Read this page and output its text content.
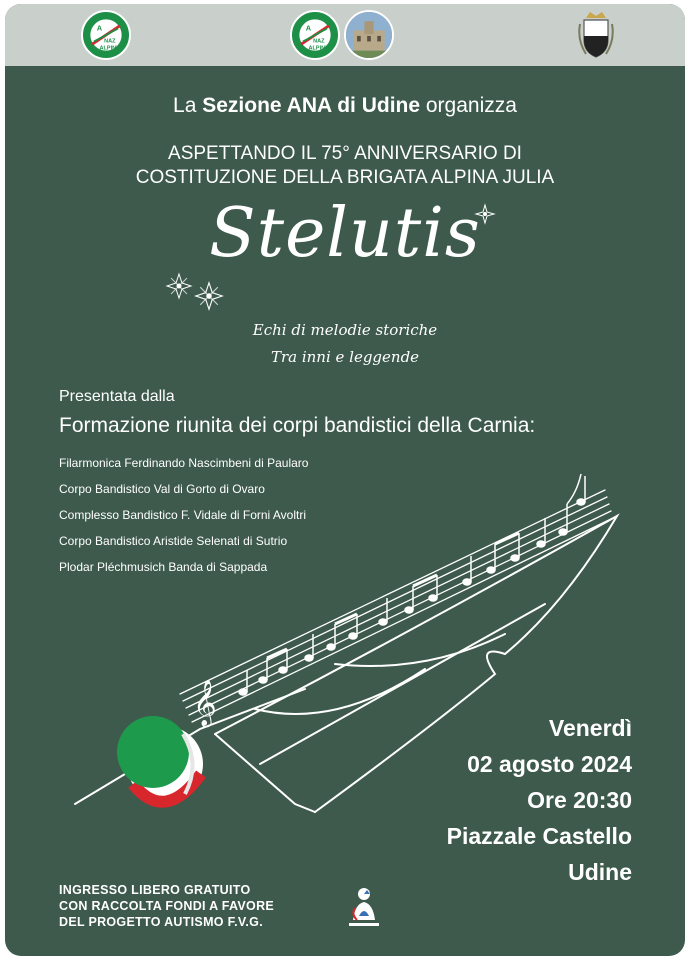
A
NAZ
ALPINI
A
NAZ
ALPINI
La Sezione ANA di Udine organizza
ASPETTANDO IL 75° ANNIVERSARIO DI
COSTITUZIONE DELLA BRIGATA ALPINA JULIA
Stelutis
Echi di melodie storiche
Tra inni e leggende
Presentata dalla
Formazione riunita dei corpi bandistici della Carnia:
Filarmonica Ferdinando Nascimbeni di Paularo
Corpo Bandistico Val di Gorto di Ovaro
Complesso Bandistico F. Vidale di Forni Avoltri
Corpo Bandistico Aristide Selenati di Sutrio
Plodar Pléchmusich Banda di Sappada
𝄞
Venerdì
02 agosto 2024
Ore 20:30
Piazzale Castello
Udine
INGRESSO LIBERO GRATUITO
CON RACCOLTA FONDI A FAVORE
DEL PROGETTO AUTISMO F.V.G.
